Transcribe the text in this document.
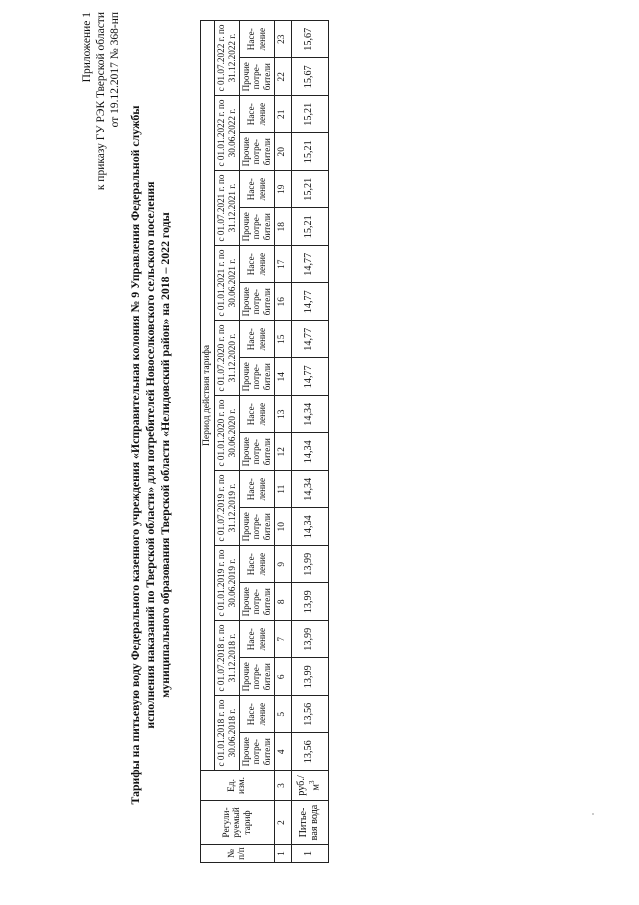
Приложение 1 к приказу ГУ РЭК Тверской области от 19.12.2017 № 368-нп
Тарифы на питьевую воду Федерального казенного учреждения «Исправительная колония № 9 Управления Федеральной службы исполнения наказаний по Тверской области» для потребителей Новоселковского сельского поселения муниципального образования Тверской области «Нелидовский район» на 2018 – 2022 годы
№ п/п	Регули-руемый тариф	Ед. изм.	Период действия тарифа																			
			с 01.01.2018 г. по 30.06.2018 г.		с 01.07.2018 г. по 31.12.2018 г.		с 01.01.2019 г. по 30.06.2019 г.		с 01.07.2019 г. по 31.12.2019 г.		с 01.01.2020 г. по 30.06.2020 г.		с 01.07.2020 г. по 31.12.2020 г.		с 01.01.2021 г. по 30.06.2021 г.		с 01.07.2021 г. по 31.12.2021 г.		с 01.01.2022 г. по 30.06.2022 г.		с 01.07.2022 г. по 31.12.2022 г.	
			Прочие потре-бители	Насе-ление	Прочие потре-бители	Насе-ление	Прочие потре-бители	Насе-ление	Прочие потре-бители	Насе-ление	Прочие потре-бители	Насе-ление	Прочие потре-бители	Насе-ление	Прочие потре-бители	Насе-ление	Прочие потре-бители	Насе-ление	Прочие потре-бители	Насе-ление	Прочие потре-бители	Насе-ление
1	2	3	4	5	6	7	8	9	10	11	12	13	14	15	16	17	18	19	20	21	22	23
1	Питье-вая вода	$руб./м^3$	13,56	13,56	13,99	13,99	13,99	13,99	14,34	14,34	14,34	14,34	14,77	14,77	14,77	14,77	15,21	15,21	15,21	15,21	15,67	15,67
